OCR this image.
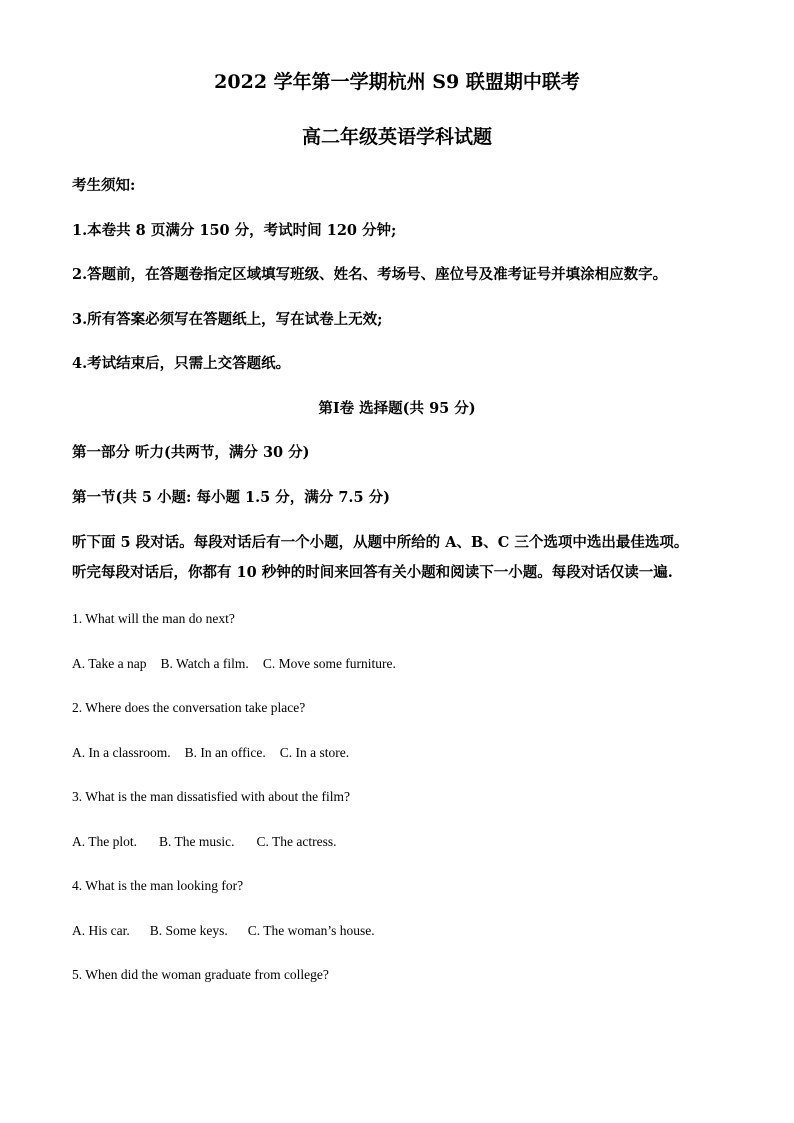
2022 学年第一学期杭州 S9 联盟期中联考
高二年级英语学科试题
考生须知:
1.本卷共 8 页满分 150 分，考试时间 120 分钟;
2.答题前，在答题卷指定区域填写班级、姓名、考场号、座位号及准考证号并填涂相应数字。
3.所有答案必须写在答题纸上，写在试卷上无效;
4.考试结束后，只需上交答题纸。
第Ⅰ卷 选择题(共 95 分)
第一部分 听力(共两节，满分 30 分)
第一节(共 5 小题: 每小题 1.5 分，满分 7.5 分)
听下面 5 段对话。每段对话后有一个小题，从题中所给的 A、B、C 三个选项中选出最佳选项。
听完每段对话后，你都有 10 秒钟的时间来回答有关小题和阅读下一小题。每段对话仅读一遍.
1. What will the man do next?
A. Take a nap B. Watch a film. C. Move some furniture.
2. Where does the conversation take place?
A. In a classroom. B. In an office. C. In a store.
3. What is the man dissatisfied with about the film?
A. The plot. B. The music. C. The actress.
4. What is the man looking for?
A. His car. B. Some keys. C. The woman’s house.
5. When did the woman graduate from college?
